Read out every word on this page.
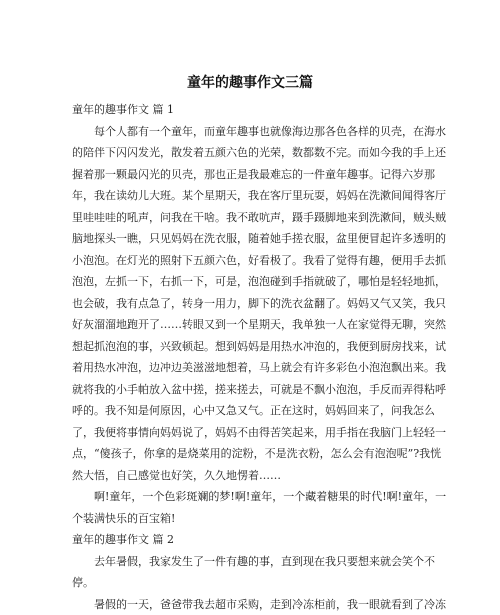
童年的趣事作文三篇
童年的趣事作文 篇 1
每个人都有一个童年，而童年趣事也就像海边那各色各样的贝壳，在海水
的陪伴下闪闪发光，散发着五颜六色的光荣，数都数不完。而如今我的手上还
握着那一颗最闪光的贝壳，那也正是我最难忘的一件童年趣事。记得六岁那
年，我在读幼儿大班。某个星期天，我在客厅里玩耍，妈妈在洗漱间闻得客厅
里哇哇哇的吼声，问我在干啥。我不敢吭声，蹑手蹑脚地来到洗漱间，贼头贼
脑地探头一瞧，只见妈妈在洗衣服，随着她手搓衣服，盆里便冒起许多透明的
小泡泡。在灯光的照射下五颜六色，好看极了。我看了觉得有趣，便用手去抓
泡泡，左抓一下，右抓一下，可是，泡泡碰到手指就破了，哪怕是轻轻地抓，
也会破，我有点急了，转身一用力，脚下的洗衣盆翻了。妈妈又气又笑，我只
好灰溜溜地跑开了……转眼又到一个星期天，我单独一人在家觉得无聊，突然
想起抓泡泡的事，兴致顿起。想到妈妈是用热水冲泡的，我便到厨房找来，试
着用热水冲泡，边冲边美滋滋地想着，马上就会有许多彩色小泡泡飘出来。我
就将我的小手帕放入盆中搓，搓来搓去，可就是不飘小泡泡，手反而弄得粘呼
呼的。我不知是何原因，心中又急又气。正在这时，妈妈回来了，问我怎么
了，我便将事情向妈妈说了，妈妈不由得苦笑起来，用手指在我脑门上轻轻一
点，“傻孩子，你拿的是烧菜用的淀粉，不是洗衣粉，怎么会有泡泡呢”?我恍
然大悟，自己感觉也好笑，久久地愣着……
啊!童年，一个色彩斑斓的梦!啊!童年，一个藏着糖果的时代!啊!童年，一
个装满快乐的百宝箱!
童年的趣事作文 篇 2
去年暑假，我家发生了一件有趣的事，直到现在我只要想来就会笑个不
停。
暑假的一天，爸爸带我去超市采购，走到冷冻柜前，我一眼就看到了冷冻
